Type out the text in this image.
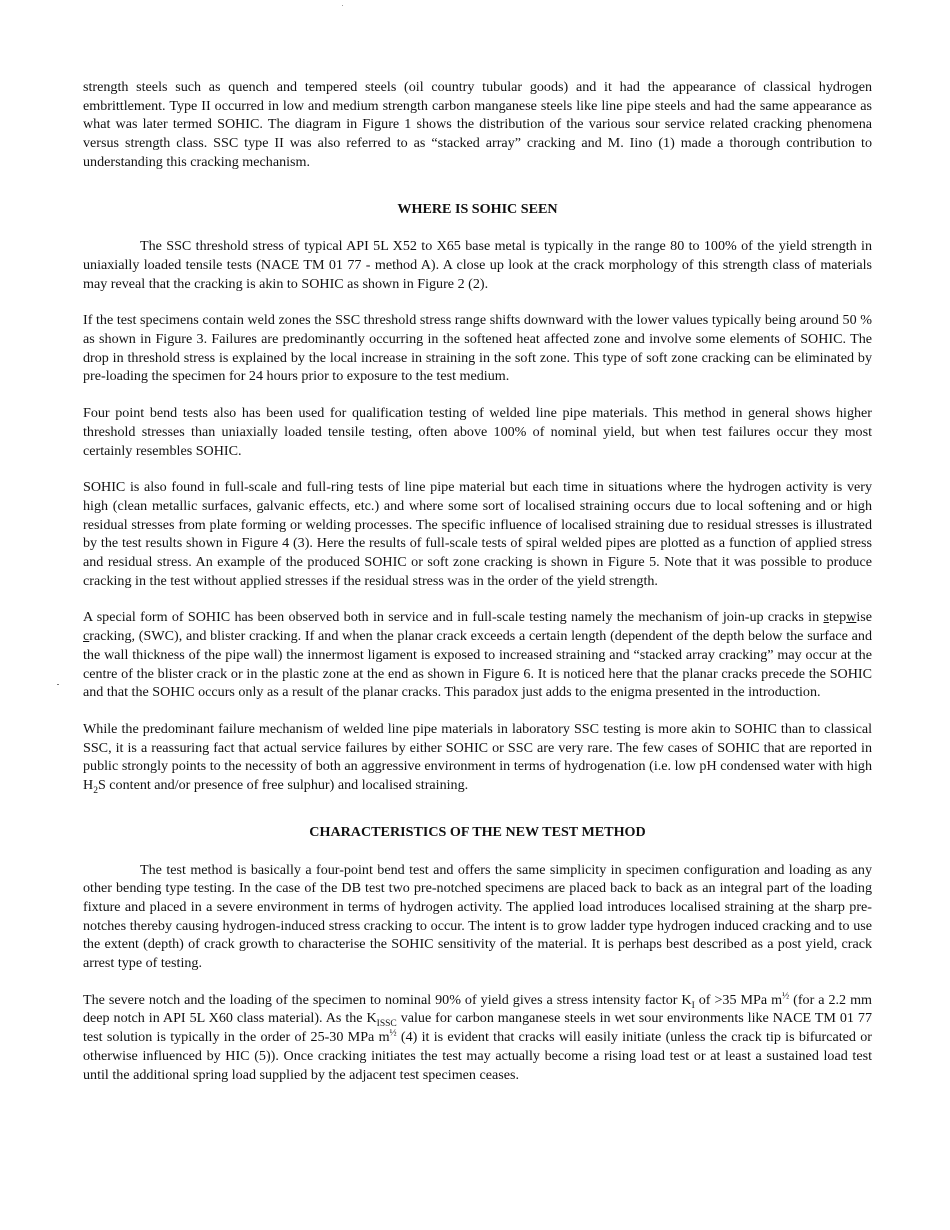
strength steels such as quench and tempered steels (oil country tubular goods) and it had the appearance of classical hydrogen embrittlement. Type II occurred in low and medium strength carbon manganese steels like line pipe steels and had the same appearance as what was later termed SOHIC. The diagram in Figure 1 shows the distribution of the various sour service related cracking phenomena versus strength class. SSC type II was also referred to as “stacked array” cracking and M. Iino (1) made a thorough contribution to understanding this cracking mechanism.

WHERE IS SOHIC SEEN

The SSC threshold stress of typical API 5L X52 to X65 base metal is typically in the range 80 to 100% of the yield strength in uniaxially loaded tensile tests (NACE TM 01 77 - method A). A close up look at the crack morphology of this strength class of materials may reveal that the cracking is akin to SOHIC as shown in Figure 2 (2).

If the test specimens contain weld zones the SSC threshold stress range shifts downward with the lower values typically being around 50 % as shown in Figure 3. Failures are predominantly occurring in the softened heat affected zone and involve some elements of SOHIC. The drop in threshold stress is explained by the local increase in straining in the soft zone. This type of soft zone cracking can be eliminated by pre-loading the specimen for 24 hours prior to exposure to the test medium.

Four point bend tests also has been used for qualification testing of welded line pipe materials. This method in general shows higher threshold stresses than uniaxially loaded tensile testing, often above 100% of nominal yield, but when test failures occur they most certainly resembles SOHIC.

SOHIC is also found in full-scale and full-ring tests of line pipe material but each time in situations where the hydrogen activity is very high (clean metallic surfaces, galvanic effects, etc.) and where some sort of localised straining occurs due to local softening and or high residual stresses from plate forming or welding processes. The specific influence of localised straining due to residual stresses is illustrated by the test results shown in Figure 4 (3). Here the results of full-scale tests of spiral welded pipes are plotted as a function of applied stress and residual stress. An example of the produced SOHIC or soft zone cracking is shown in Figure 5. Note that it was possible to produce cracking in the test without applied stresses if the residual stress was in the order of the yield strength.

A special form of SOHIC has been observed both in service and in full-scale testing namely the mechanism of join-up cracks in stepwise cracking, (SWC), and blister cracking. If and when the planar crack exceeds a certain length (dependent of the depth below the surface and the wall thickness of the pipe wall) the innermost ligament is exposed to increased straining and “stacked array cracking” may occur at the centre of the blister crack or in the plastic zone at the end as shown in Figure 6. It is noticed here that the planar cracks precede the SOHIC and that the SOHIC occurs only as a result of the planar cracks. This paradox just adds to the enigma presented in the introduction.

While the predominant failure mechanism of welded line pipe materials in laboratory SSC testing is more akin to SOHIC than to classical SSC, it is a reassuring fact that actual service failures by either SOHIC or SSC are very rare. The few cases of SOHIC that are reported in public strongly points to the necessity of both an aggressive environment in terms of hydrogenation (i.e. low pH condensed water with high $H_2S$ content and/or presence of free sulphur) and localised straining.

CHARACTERISTICS OF THE NEW TEST METHOD

The test method is basically a four-point bend test and offers the same simplicity in specimen configuration and loading as any other bending type testing. In the case of the DB test two pre-notched specimens are placed back to back as an integral part of the loading fixture and placed in a severe environment in terms of hydrogen activity. The applied load introduces localised straining at the sharp pre-notches thereby causing hydrogen-induced stress cracking to occur. The intent is to grow ladder type hydrogen induced cracking and to use the extent (depth) of crack growth to characterise the SOHIC sensitivity of the material. It is perhaps best described as a post yield, crack arrest type of testing.

The severe notch and the loading of the specimen to nominal 90% of yield gives a stress intensity factor $K_I$ of >35 MPa $m^{\frac{1}{2}}$ (for a 2.2 mm deep notch in API 5L X60 class material). As the $K_{ISSC}$ value for carbon manganese steels in wet sour environments like NACE TM 01 77 test solution is typically in the order of 25-30 MPa $m^{\frac{1}{2}}$ (4) it is evident that cracks will easily initiate (unless the crack tip is bifurcated or otherwise influenced by HIC (5)). Once cracking initiates the test may actually become a rising load test or at least a sustained load test until the additional spring load supplied by the adjacent test specimen ceases.
